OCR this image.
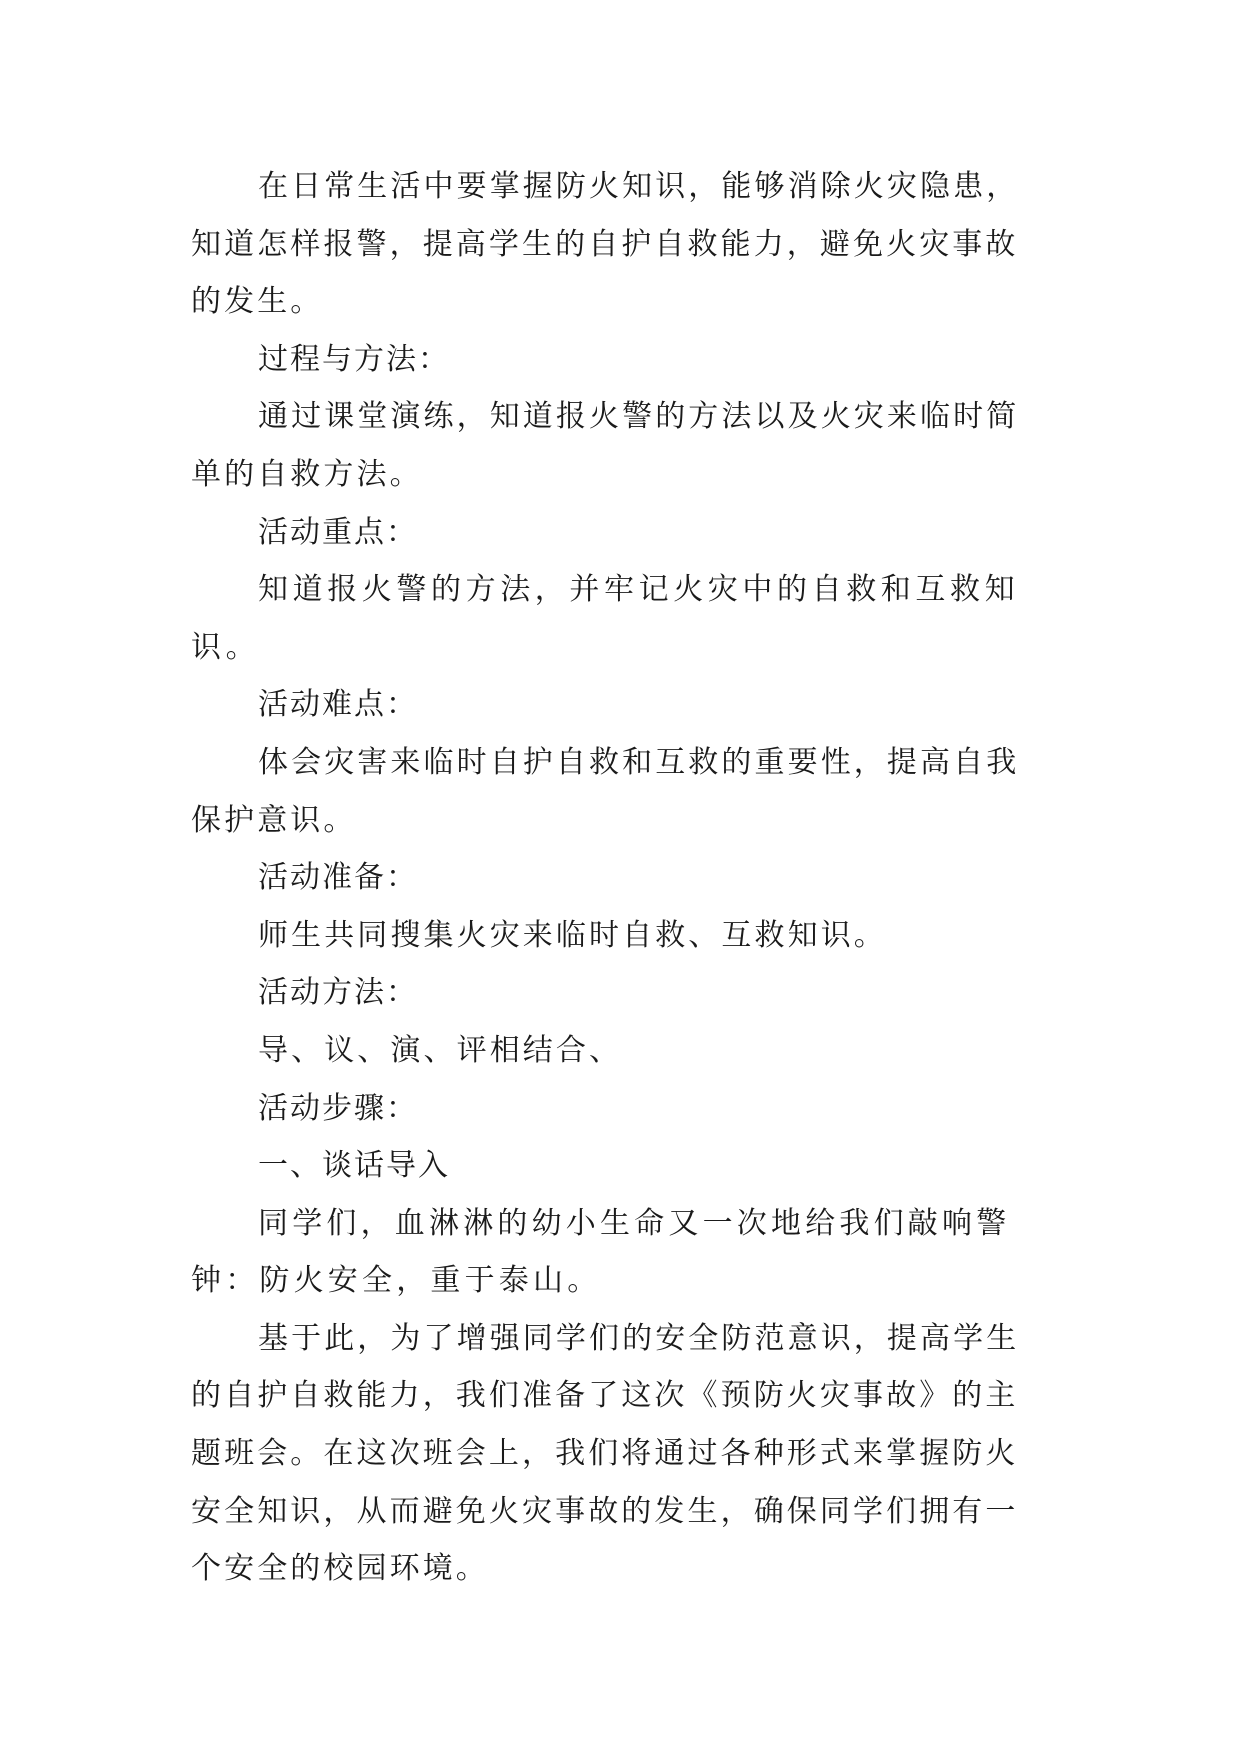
在日常生活中要掌握防火知识，能够消除火灾隐患，知道怎样报警，提高学生的自护自救能力，避免火灾事故的发生。

过程与方法：

通过课堂演练，知道报火警的方法以及火灾来临时简单的自救方法。

活动重点：

知道报火警的方法，并牢记火灾中的自救和互救知识。

活动难点：

体会灾害来临时自护自救和互救的重要性，提高自我保护意识。

活动准备：

师生共同搜集火灾来临时自救、互救知识。

活动方法：

导、议、演、评相结合、

活动步骤：

一、谈话导入

同学们，血淋淋的幼小生命又一次地给我们敲响警钟：防火安全，重于泰山。

基于此，为了增强同学们的安全防范意识，提高学生的自护自救能力，我们准备了这次《预防火灾事故》的主题班会。在这次班会上，我们将通过各种形式来掌握防火安全知识，从而避免火灾事故的发生，确保同学们拥有一个安全的校园环境。
